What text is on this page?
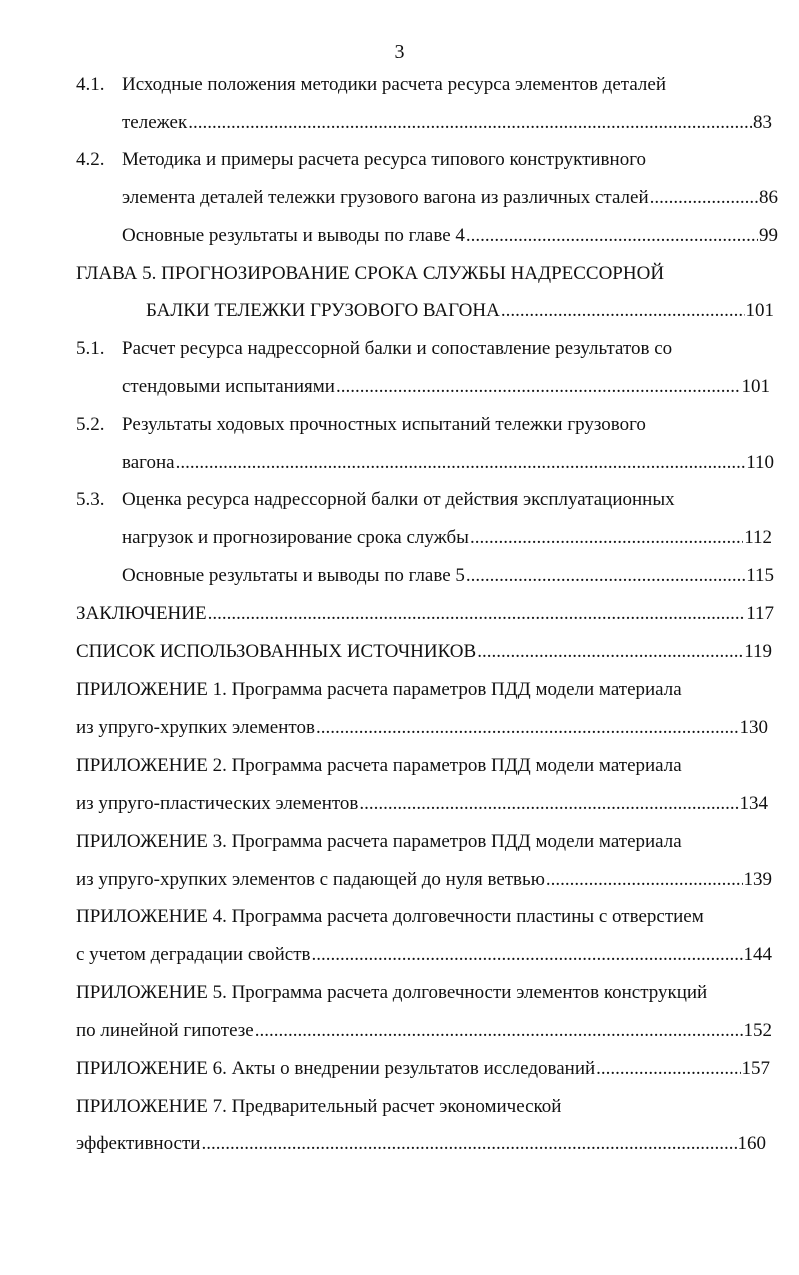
3
4.1. Исходные положения методики расчета ресурса элементов деталей
тележек .....	83
4.2. Методика и примеры расчета ресурса типового конструктивного
элемента деталей тележки грузового вагона из различных сталей .....	86
Основные результаты и выводы по главе 4 .....	99
ГЛАВА 5. ПРОГНОЗИРОВАНИЕ СРОКА СЛУЖБЫ НАДРЕССОРНОЙ
БАЛКИ ТЕЛЕЖКИ ГРУЗОВОГО ВАГОНА .....	101
5.1. Расчет ресурса надрессорной балки и сопоставление результатов со
стендовыми испытаниями .....	101
5.2. Результаты ходовых прочностных испытаний тележки грузового
вагона .....	110
5.3. Оценка ресурса надрессорной балки от действия эксплуатационных
нагрузок и прогнозирование срока службы .....	112
Основные результаты и выводы по главе 5 .....	115
ЗАКЛЮЧЕНИЕ .....	117
СПИСОК ИСПОЛЬЗОВАННЫХ ИСТОЧНИКОВ .....	119
ПРИЛОЖЕНИЕ 1. Программа расчета параметров ПДД модели материала
из упруго-хрупких элементов .....	130
ПРИЛОЖЕНИЕ 2. Программа расчета параметров ПДД модели материала
из упруго-пластических элементов .....	134
ПРИЛОЖЕНИЕ 3. Программа расчета параметров ПДД модели материала
из упруго-хрупких элементов с падающей до нуля ветвью .....	139
ПРИЛОЖЕНИЕ 4. Программа расчета долговечности пластины с отверстием
с учетом деградации свойств .....	144
ПРИЛОЖЕНИЕ 5. Программа расчета долговечности элементов конструкций
по линейной гипотезе .....	152
ПРИЛОЖЕНИЕ 6. Акты о внедрении результатов исследований .....	157
ПРИЛОЖЕНИЕ 7. Предварительный расчет экономической
эффективности .....	160
